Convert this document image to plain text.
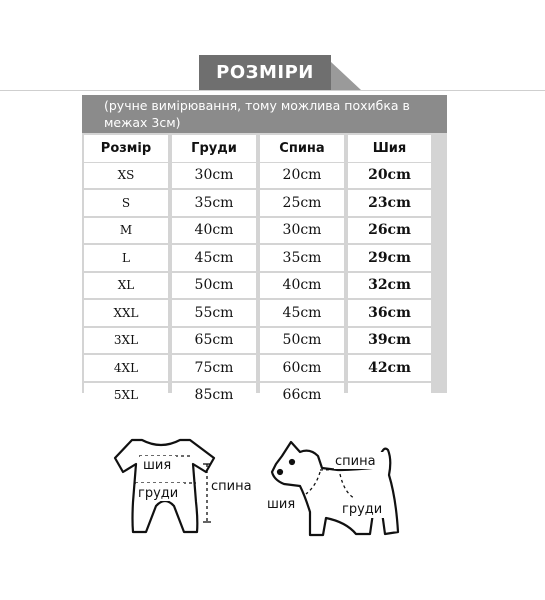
РОЗМІРИ
(ручне вимірювання, тому можлива похибка в межах 3см)
Розмір	Груди	Спина	Шия
XS	30cm	20cm	20cm
S	35cm	25cm	23cm
M	40cm	30cm	26cm
L	45cm	35cm	29cm
XL	50cm	40cm	32cm
XXL	55cm	45cm	36cm
3XL	65cm	50cm	39cm
4XL	75cm	60cm	42cm
5XL	85cm	66cm
шия
груди	спина
спина
шия	груди
